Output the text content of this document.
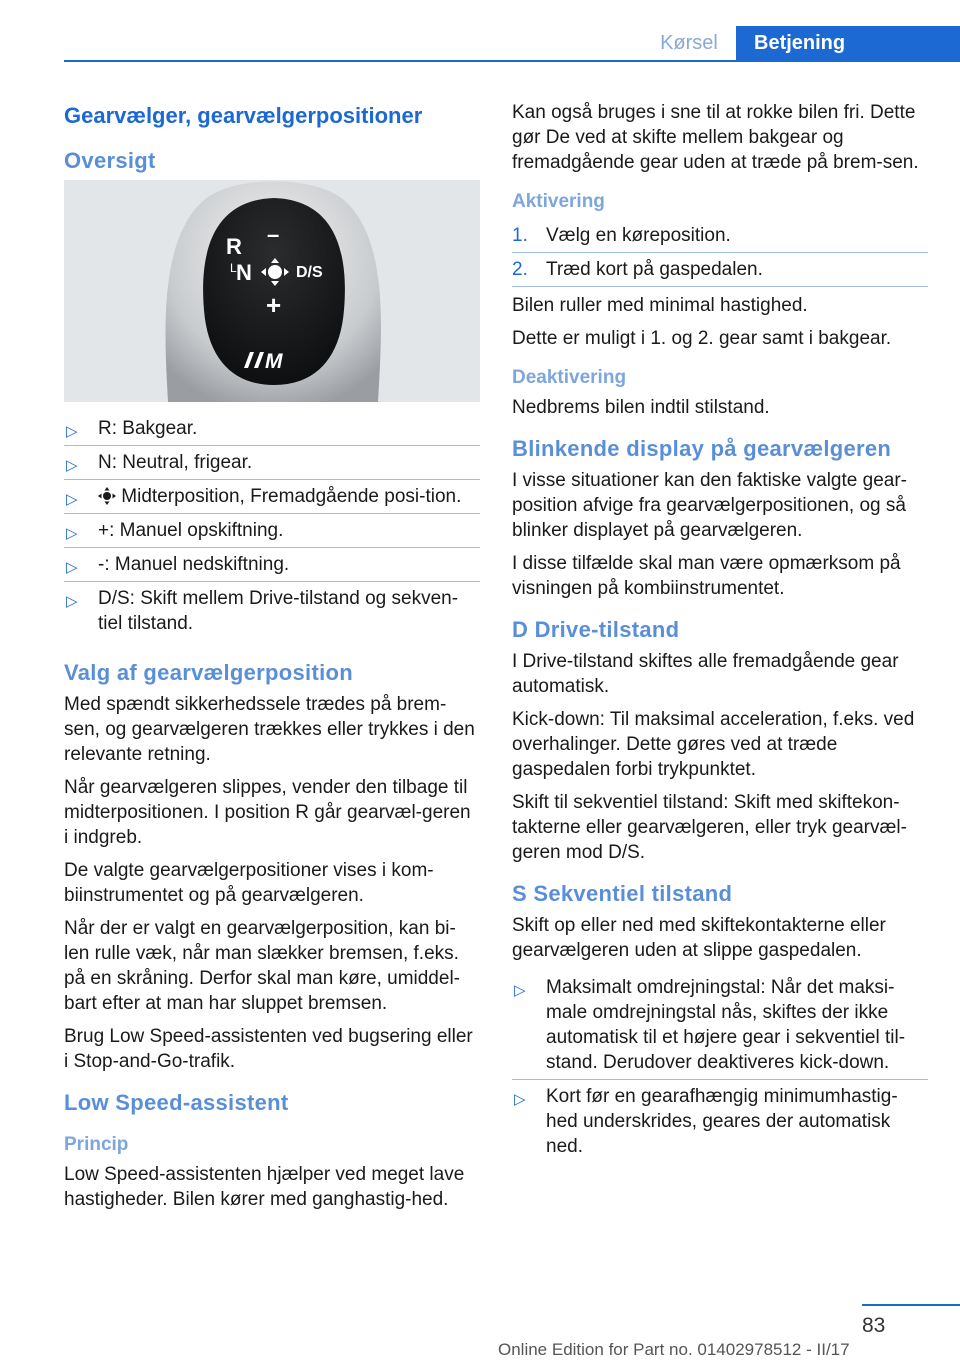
Kørsel	Betjening
Gearvælger, gearvælgerpositioner
Oversigt
R –
L N	D/S
+
M
▷ R: Bakgear.
▷ N: Neutral, frigear.
▷ Midterposition, Fremadgående posi-tion.
▷ +: Manuel opskiftning.
▷ -: Manuel nedskiftning.
▷ D/S: Skift mellem Drive-tilstand og sekven-tiel tilstand.
Valg af gearvælgerposition

Med spændt sikkerhedssele trædes på brem-sen, og gearvælgeren trækkes eller trykkes i den relevante retning.

Når gearvælgeren slippes, vender den tilbage til midterpositionen. I position R går gearvæl-geren i indgreb.

De valgte gearvælgerpositioner vises i kom-biinstrumentet og på gearvælgeren.

Når der er valgt en gearvælgerposition, kan bi-len rulle væk, når man slækker bremsen, f.eks. på en skråning. Derfor skal man køre, umiddel-bart efter at man har sluppet bremsen.

Brug Low Speed-assistenten ved bugsering eller i Stop-and-Go-trafik.

Low Speed-assistent
Princip

Low Speed-assistenten hjælper ved meget lave hastigheder. Bilen kører med ganghastig-hed.

Kan også bruges i sne til at rokke bilen fri. Dette gør De ved at skifte mellem bakgear og fremadgående gear uden at træde på brem-sen.

Aktivering
1. Vælg en køreposition.
2. Træd kort på gaspedalen.

Bilen ruller med minimal hastighed.

Dette er muligt i 1. og 2. gear samt i bakgear.

Deaktivering

Nedbrems bilen indtil stilstand.

Blinkende display på gearvælgeren

I visse situationer kan den faktiske valgte gear-position afvige fra gearvælgerpositionen, og så blinker displayet på gearvælgeren.

I disse tilfælde skal man være opmærksom på visningen på kombiinstrumentet.

D Drive-tilstand

I Drive-tilstand skiftes alle fremadgående gear automatisk.

Kick-down: Til maksimal acceleration, f.eks. ved overhalinger. Dette gøres ved at træde gaspedalen forbi trykpunktet.

Skift til sekventiel tilstand: Skift med skiftekon-takterne eller gearvælgeren, eller tryk gearvæl-geren mod D/S.

S Sekventiel tilstand

Skift op eller ned med skiftekontakterne eller gearvælgeren uden at slippe gaspedalen.

▷ Maksimalt omdrejningstal: Når det maksi-male omdrejningstal nås, skiftes der ikke automatisk til et højere gear i sekventiel til-stand. Derudover deaktiveres kick-down.
▷ Kort før en gearafhængig minimumhastig-hed underskrides, geares der automatisk ned.
83
Online Edition for Part no. 01402978512 - II/17
